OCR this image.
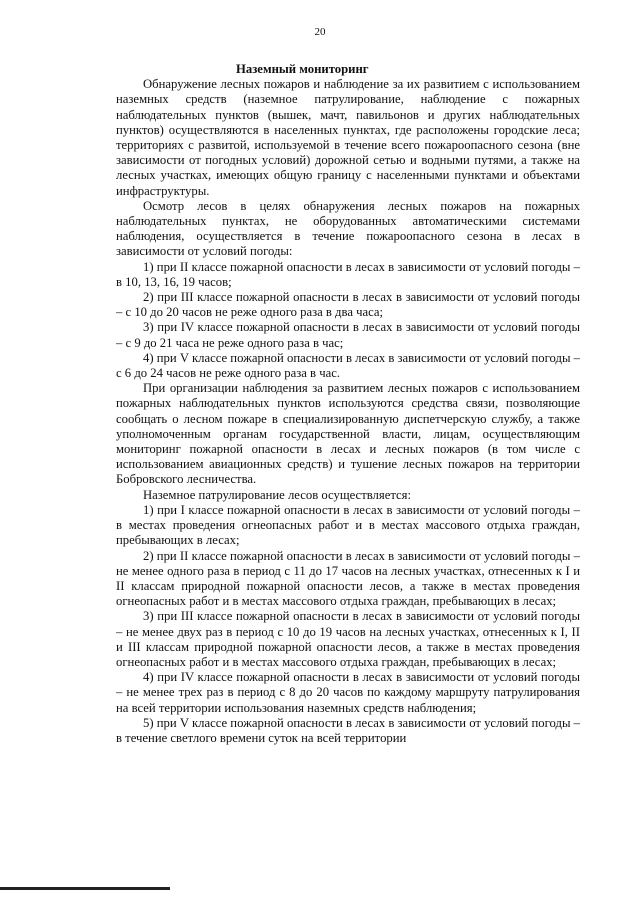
20

Наземный мониторинг

Обнаружение лесных пожаров и наблюдение за их развитием с использованием наземных средств (наземное патрулирование, наблюдение с пожарных наблюдательных пунктов (вышек, мачт, павильонов и других наблюдательных пунктов) осуществляются в населенных пунктах, где расположены городские леса; территориях с развитой, используемой в течение всего пожароопасного сезона (вне зависимости от погодных условий) дорожной сетью и водными путями, а также на лесных участках, имеющих общую границу с населенными пунктами и объектами инфраструктуры.

Осмотр лесов в целях обнаружения лесных пожаров на пожарных наблюдательных пунктах, не оборудованных автоматическими системами наблюдения, осуществляется в течение пожароопасного сезона в лесах в зависимости от условий погоды:

1) при II классе пожарной опасности в лесах в зависимости от условий погоды – в 10, 13, 16, 19 часов;

2) при III классе пожарной опасности в лесах в зависимости от условий погоды – с 10 до 20 часов не реже одного раза в два часа;

3) при IV классе пожарной опасности в лесах в зависимости от условий погоды – с 9 до 21 часа не реже одного раза в час;

4) при V классе пожарной опасности в лесах в зависимости от условий погоды – с 6 до 24 часов не реже одного раза в час.

При организации наблюдения за развитием лесных пожаров с использованием пожарных наблюдательных пунктов используются средства связи, позволяющие сообщать о лесном пожаре в специализированную диспетчерскую службу, а также уполномоченным органам государственной власти, лицам, осуществляющим мониторинг пожарной опасности в лесах и лесных пожаров (в том числе с использованием авиационных средств) и тушение лесных пожаров на территории Бобровского лесничества.

Наземное патрулирование лесов осуществляется:

1) при I классе пожарной опасности в лесах в зависимости от условий погоды – в местах проведения огнеопасных работ и в местах массового отдыха граждан, пребывающих в лесах;

2) при II классе пожарной опасности в лесах в зависимости от условий погоды – не менее одного раза в период с 11 до 17 часов на лесных участках, отнесенных к I и II классам природной пожарной опасности лесов, а также в местах проведения огнеопасных работ и в местах массового отдыха граждан, пребывающих в лесах;

3) при III классе пожарной опасности в лесах в зависимости от условий погоды – не менее двух раз в период с 10 до 19 часов на лесных участках, отнесенных к I, II и III классам природной пожарной опасности лесов, а также в местах проведения огнеопасных работ и в местах массового отдыха граждан, пребывающих в лесах;

4) при IV классе пожарной опасности в лесах в зависимости от условий погоды – не менее трех раз в период с 8 до 20 часов по каждому маршруту патрулирования на всей территории использования наземных средств наблюдения;

5) при V классе пожарной опасности в лесах в зависимости от условий погоды – в течение светлого времени суток на всей территории
